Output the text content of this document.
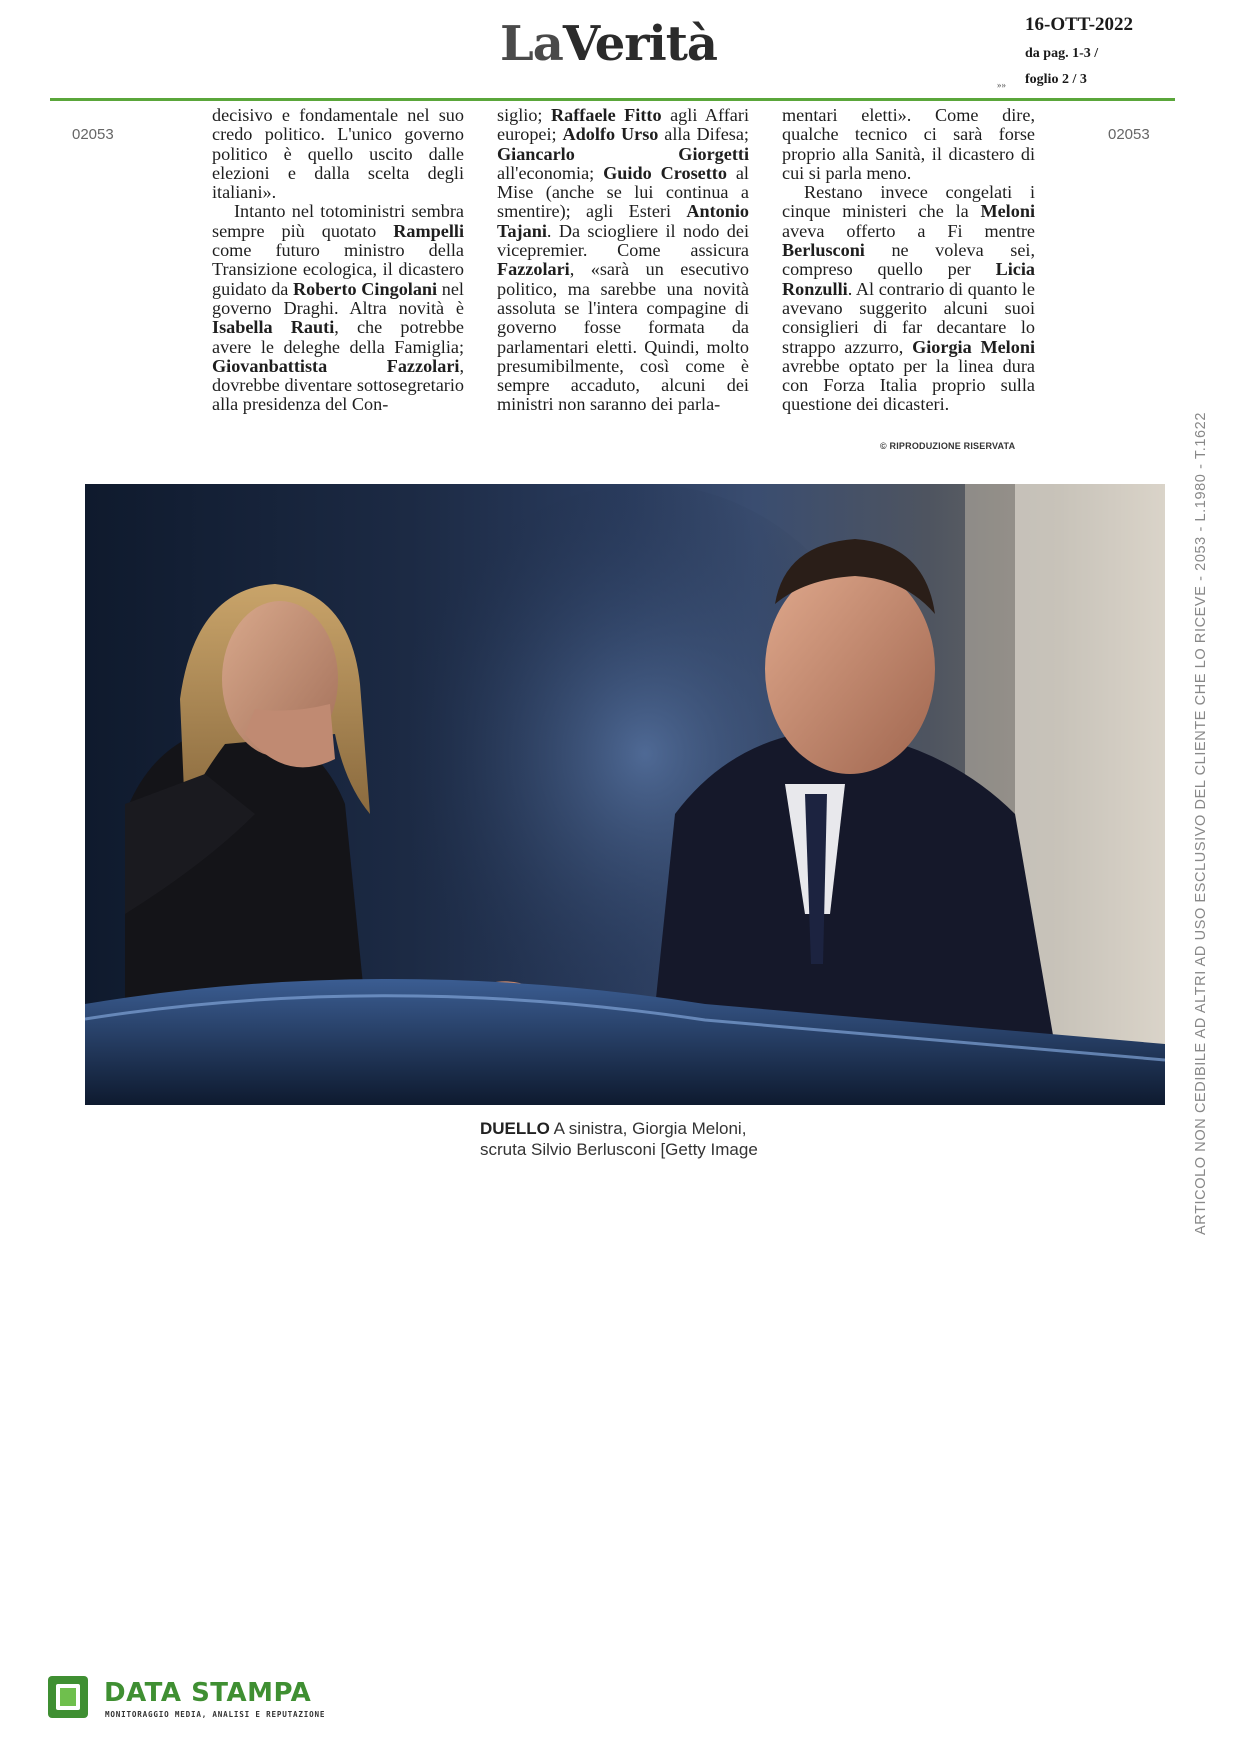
LaVerità	16-OTT-2022
da pag. 1-3 /
foglio 2 / 3
»»
02053	02053

decisivo e fondamentale nel suo credo politico. L'unico governo politico è quello uscito dalle elezioni e dalla scelta degli italiani».

Intanto nel totoministri sembra sempre più quotato Rampelli come futuro ministro della Transizione ecologica, il dicastero guidato da Roberto Cingolani nel governo Draghi. Altra novità è Isabella Rauti, che potrebbe avere le deleghe della Famiglia; Giovanbattista Fazzolari, dovrebbe diventare sottosegretario alla presidenza del Con-

siglio; Raffaele Fitto agli Affari europei; Adolfo Urso alla Difesa; Giancarlo Giorgetti all'economia; Guido Crosetto al Mise (anche se lui continua a smentire); agli Esteri Antonio Tajani. Da sciogliere il nodo dei vicepremier. Come assicura Fazzolari, «sarà un esecutivo politico, ma sarebbe una novità assoluta se l'intera compagine di governo fosse formata da parlamentari eletti. Quindi, molto presumibilmente, così come è sempre accaduto, alcuni dei ministri non saranno dei parla-

mentari eletti». Come dire, qualche tecnico ci sarà forse proprio alla Sanità, il dicastero di cui si parla meno.

Restano invece congelati i cinque ministeri che la Meloni aveva offerto a Fi mentre Berlusconi ne voleva sei, compreso quello per Licia Ronzulli. Al contrario di quanto le avevano suggerito alcuni suoi consiglieri di far decantare lo strappo azzurro, Giorgia Meloni avrebbe optato per la linea dura con Forza Italia proprio sulla questione dei dicasteri.

© RIPRODUZIONE RISERVATA
DUELLO A sinistra, Giorgia Meloni,
scruta Silvio Berlusconi [Getty Image	ARTICOLO NON CEDIBILE AD ALTRI AD USO ESCLUSIVO DEL CLIENTE CHE LO RICEVE - 2053 - L.1980 - T.1622
DATA STAMPA
MONITORAGGIO MEDIA, ANALISI E REPUTAZIONE
